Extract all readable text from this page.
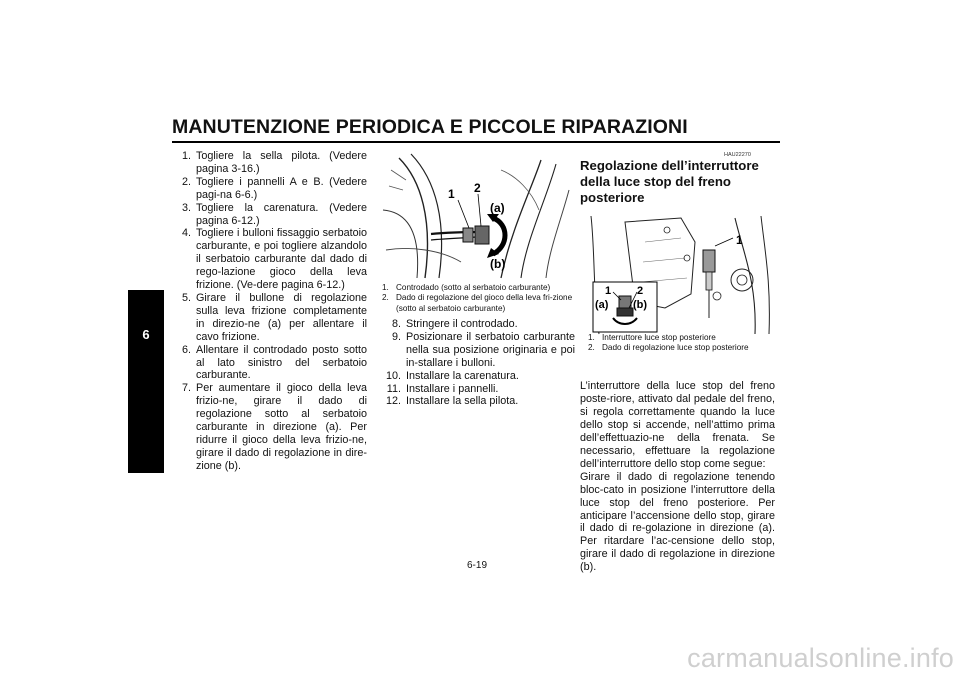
MANUTENZIONE PERIODICA E PICCOLE RIPARAZIONI
6
1. Togliere la sella pilota. (Vedere pagina 3-16.)
2. Togliere i pannelli A e B. (Vedere pagi-na 6-6.)
3. Togliere la carenatura. (Vedere pagina 6-12.)
4. Togliere i bulloni fissaggio serbatoio carburante, e poi togliere alzandolo il serbatoio carburante dal dado di rego-lazione gioco della leva frizione. (Ve-dere pagina 6-12.)
5. Girare il bullone di regolazione sulla leva frizione completamente in direzio-ne (a) per allentare il cavo frizione.
6. Allentare il controdado posto sotto al lato sinistro del serbatoio carburante.
7. Per aumentare il gioco della leva frizio-ne, girare il dado di regolazione sotto al serbatoio carburante in direzione (a). Per ridurre il gioco della leva frizio-ne, girare il dado di regolazione in dire-zione (b).
1 2
(a)
(b)
1. Controdado (sotto al serbatoio carburante)
2. Dado di regolazione del gioco della leva fri-zione (sotto al serbatoio carburante)
8. Stringere il controdado.
9. Posizionare il serbatoio carburante nella sua posizione originaria e poi in-stallare i bulloni.
10. Installare la carenatura.
11. Installare i pannelli.
12. Installare la sella pilota.
HAU22270
Regolazione dell’interruttore della luce stop del freno posteriore
1
1 2
(a) (b)
1. Interruttore luce stop posteriore
2. Dado di regolazione luce stop posteriore
L’interruttore della luce stop del freno poste-riore, attivato dal pedale del freno, si regola correttamente quando la luce dello stop si accende, nell’attimo prima dell’effettuazio-ne della frenata. Se necessario, effettuare la regolazione dell’interruttore dello stop come segue:
Girare il dado di regolazione tenendo bloc-cato in posizione l’interruttore della luce stop del freno posteriore. Per anticipare l’accensione dello stop, girare il dado di re-golazione in direzione (a). Per ritardare l’ac-censione dello stop, girare il dado di regolazione in direzione (b).
6-19
carmanualsonline.info
